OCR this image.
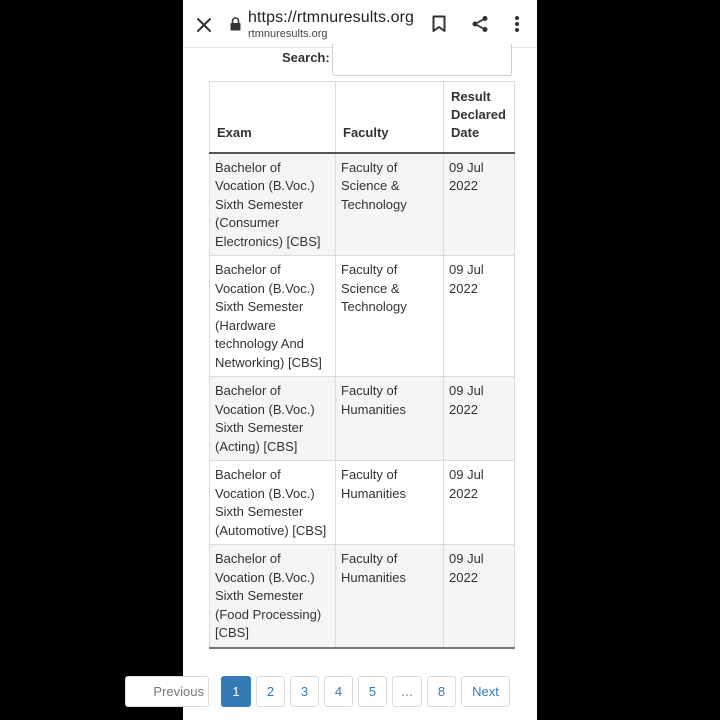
https://rtmnuresults.org
rtmnuresults.org
Search:
Exam	Faculty	Result Declared Date
Bachelor of Vocation (B.Voc.) Sixth Semester (Consumer Electronics) [CBS]	Faculty of Science & Technology	09 Jul 2022
Bachelor of Vocation (B.Voc.) Sixth Semester (Hardware technology And Networking) [CBS]	Faculty of Science & Technology	09 Jul 2022
Bachelor of Vocation (B.Voc.) Sixth Semester (Acting) [CBS]	Faculty of Humanities	09 Jul 2022
Bachelor of Vocation (B.Voc.) Sixth Semester (Automotive) [CBS]	Faculty of Humanities	09 Jul 2022
Bachelor of Vocation (B.Voc.) Sixth Semester (Food Processing) [CBS]	Faculty of Humanities	09 Jul 2022
Previous	1	2	3	4	5	…	8	Next
